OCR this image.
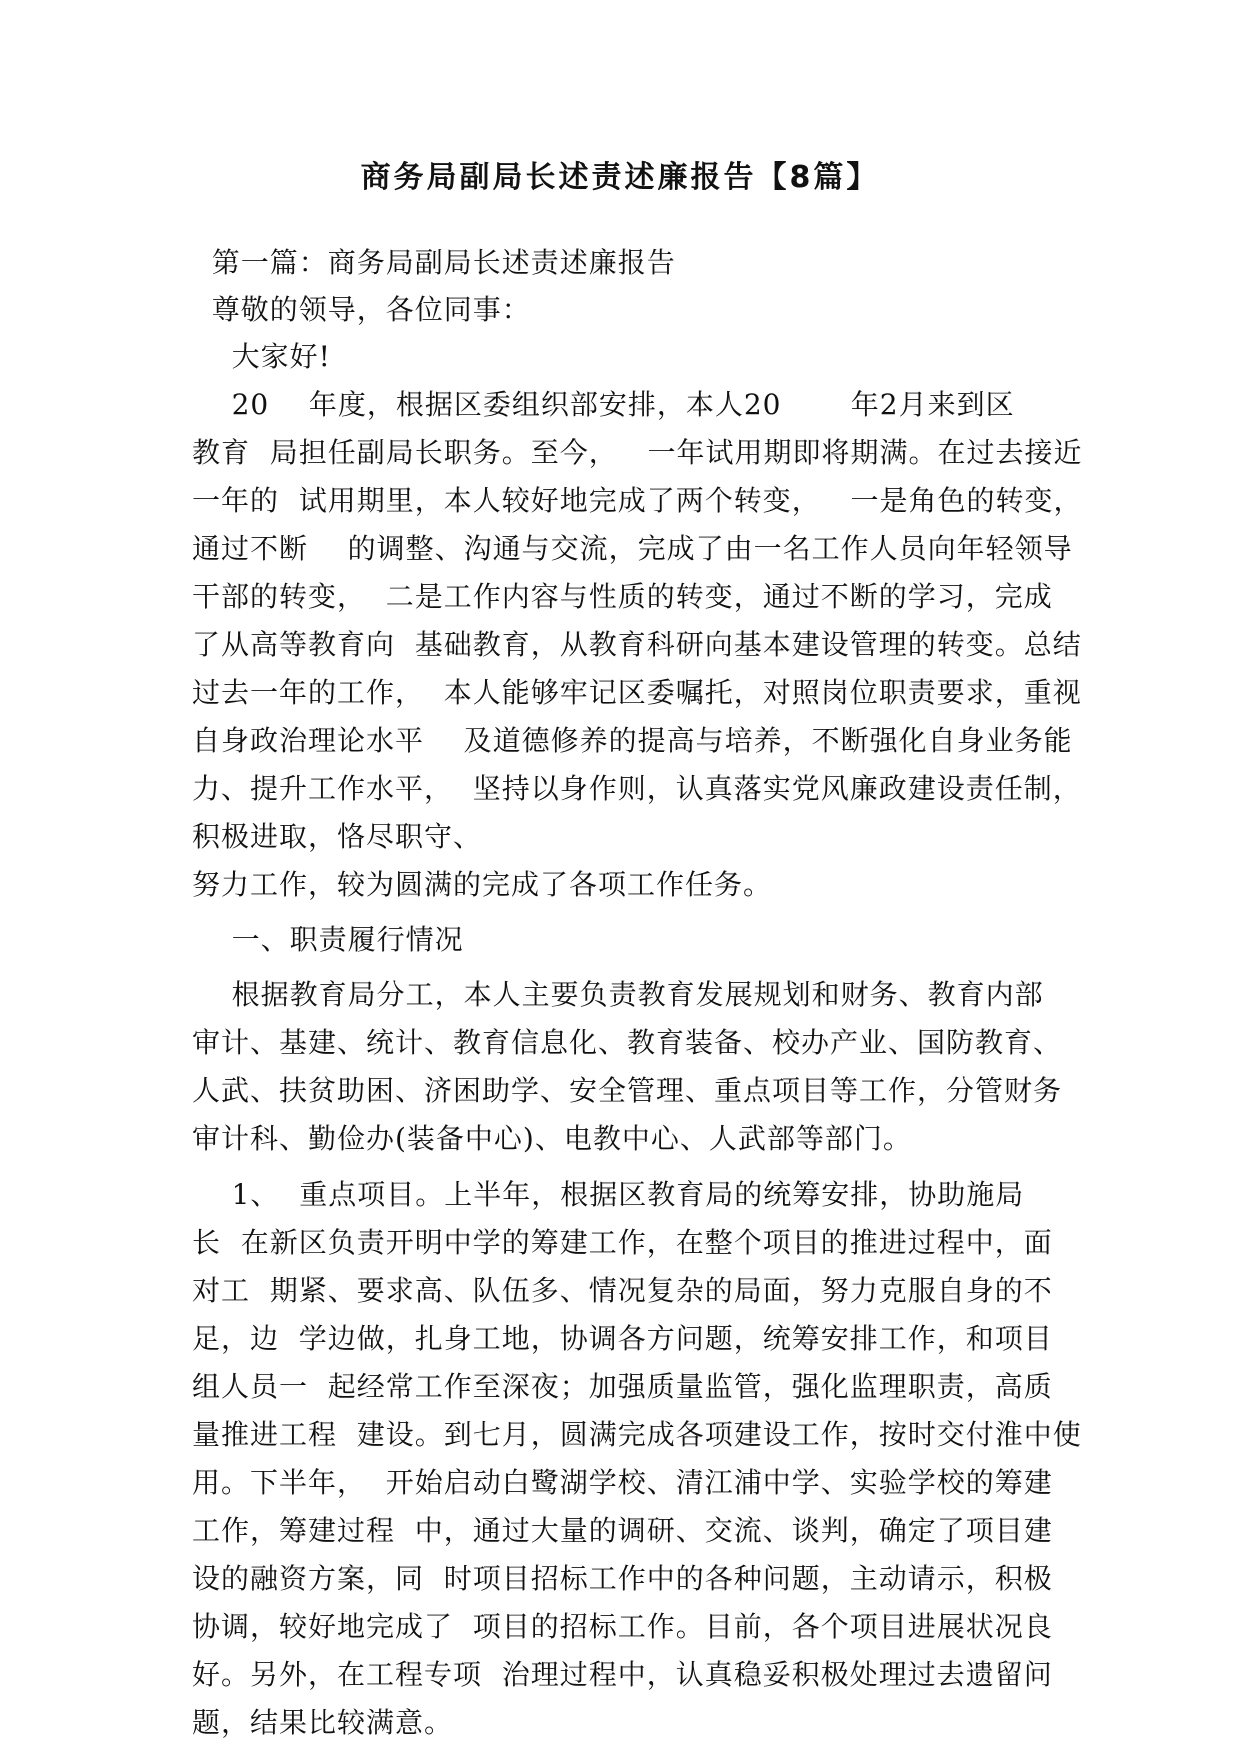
商务局副局长述责述廉报告【8篇】
第一篇：商务局副局长述责述廉报告
尊敬的领导，各位同事：
大家好!
20    年度，根据区委组织部安排，本人20       年2月来到区
教育  局担任副局长职务。至今，   一年试用期即将期满。在过去接近
一年的  试用期里，本人较好地完成了两个转变，   一是角色的转变，
通过不断    的调整、沟通与交流，完成了由一名工作人员向年轻领导
干部的转变，  二是工作内容与性质的转变，通过不断的学习，完成
了从高等教育向  基础教育，从教育科研向基本建设管理的转变。总结
过去一年的工作，  本人能够牢记区委嘱托，对照岗位职责要求，重视
自身政治理论水平    及道德修养的提高与培养，不断强化自身业务能
力、提升工作水平，  坚持以身作则，认真落实党风廉政建设责任制，
积极进取，恪尽职守、
努力工作，较为圆满的完成了各项工作任务。
一、职责履行情况
根据教育局分工，本人主要负责教育发展规划和财务、教育内部
审计、基建、统计、教育信息化、教育装备、校办产业、国防教育、
人武、扶贫助困、济困助学、安全管理、重点项目等工作，分管财务
审计科、勤俭办(装备中心)、电教中心、人武部等部门。
1、  重点项目。上半年，根据区教育局的统筹安排，协助施局
长  在新区负责开明中学的筹建工作，在整个项目的推进过程中，面
对工  期紧、要求高、队伍多、情况复杂的局面，努力克服自身的不
足，边  学边做，扎身工地，协调各方问题，统筹安排工作，和项目
组人员一  起经常工作至深夜；加强质量监管，强化监理职责，高质
量推进工程  建设。到七月，圆满完成各项建设工作，按时交付淮中使
用。下半年，  开始启动白鹭湖学校、清江浦中学、实验学校的筹建
工作，筹建过程  中，通过大量的调研、交流、谈判，确定了项目建
设的融资方案，同  时项目招标工作中的各种问题，主动请示，积极
协调，较好地完成了  项目的招标工作。目前，各个项目进展状况良
好。另外，在工程专项  治理过程中，认真稳妥积极处理过去遗留问
题，结果比较满意。
